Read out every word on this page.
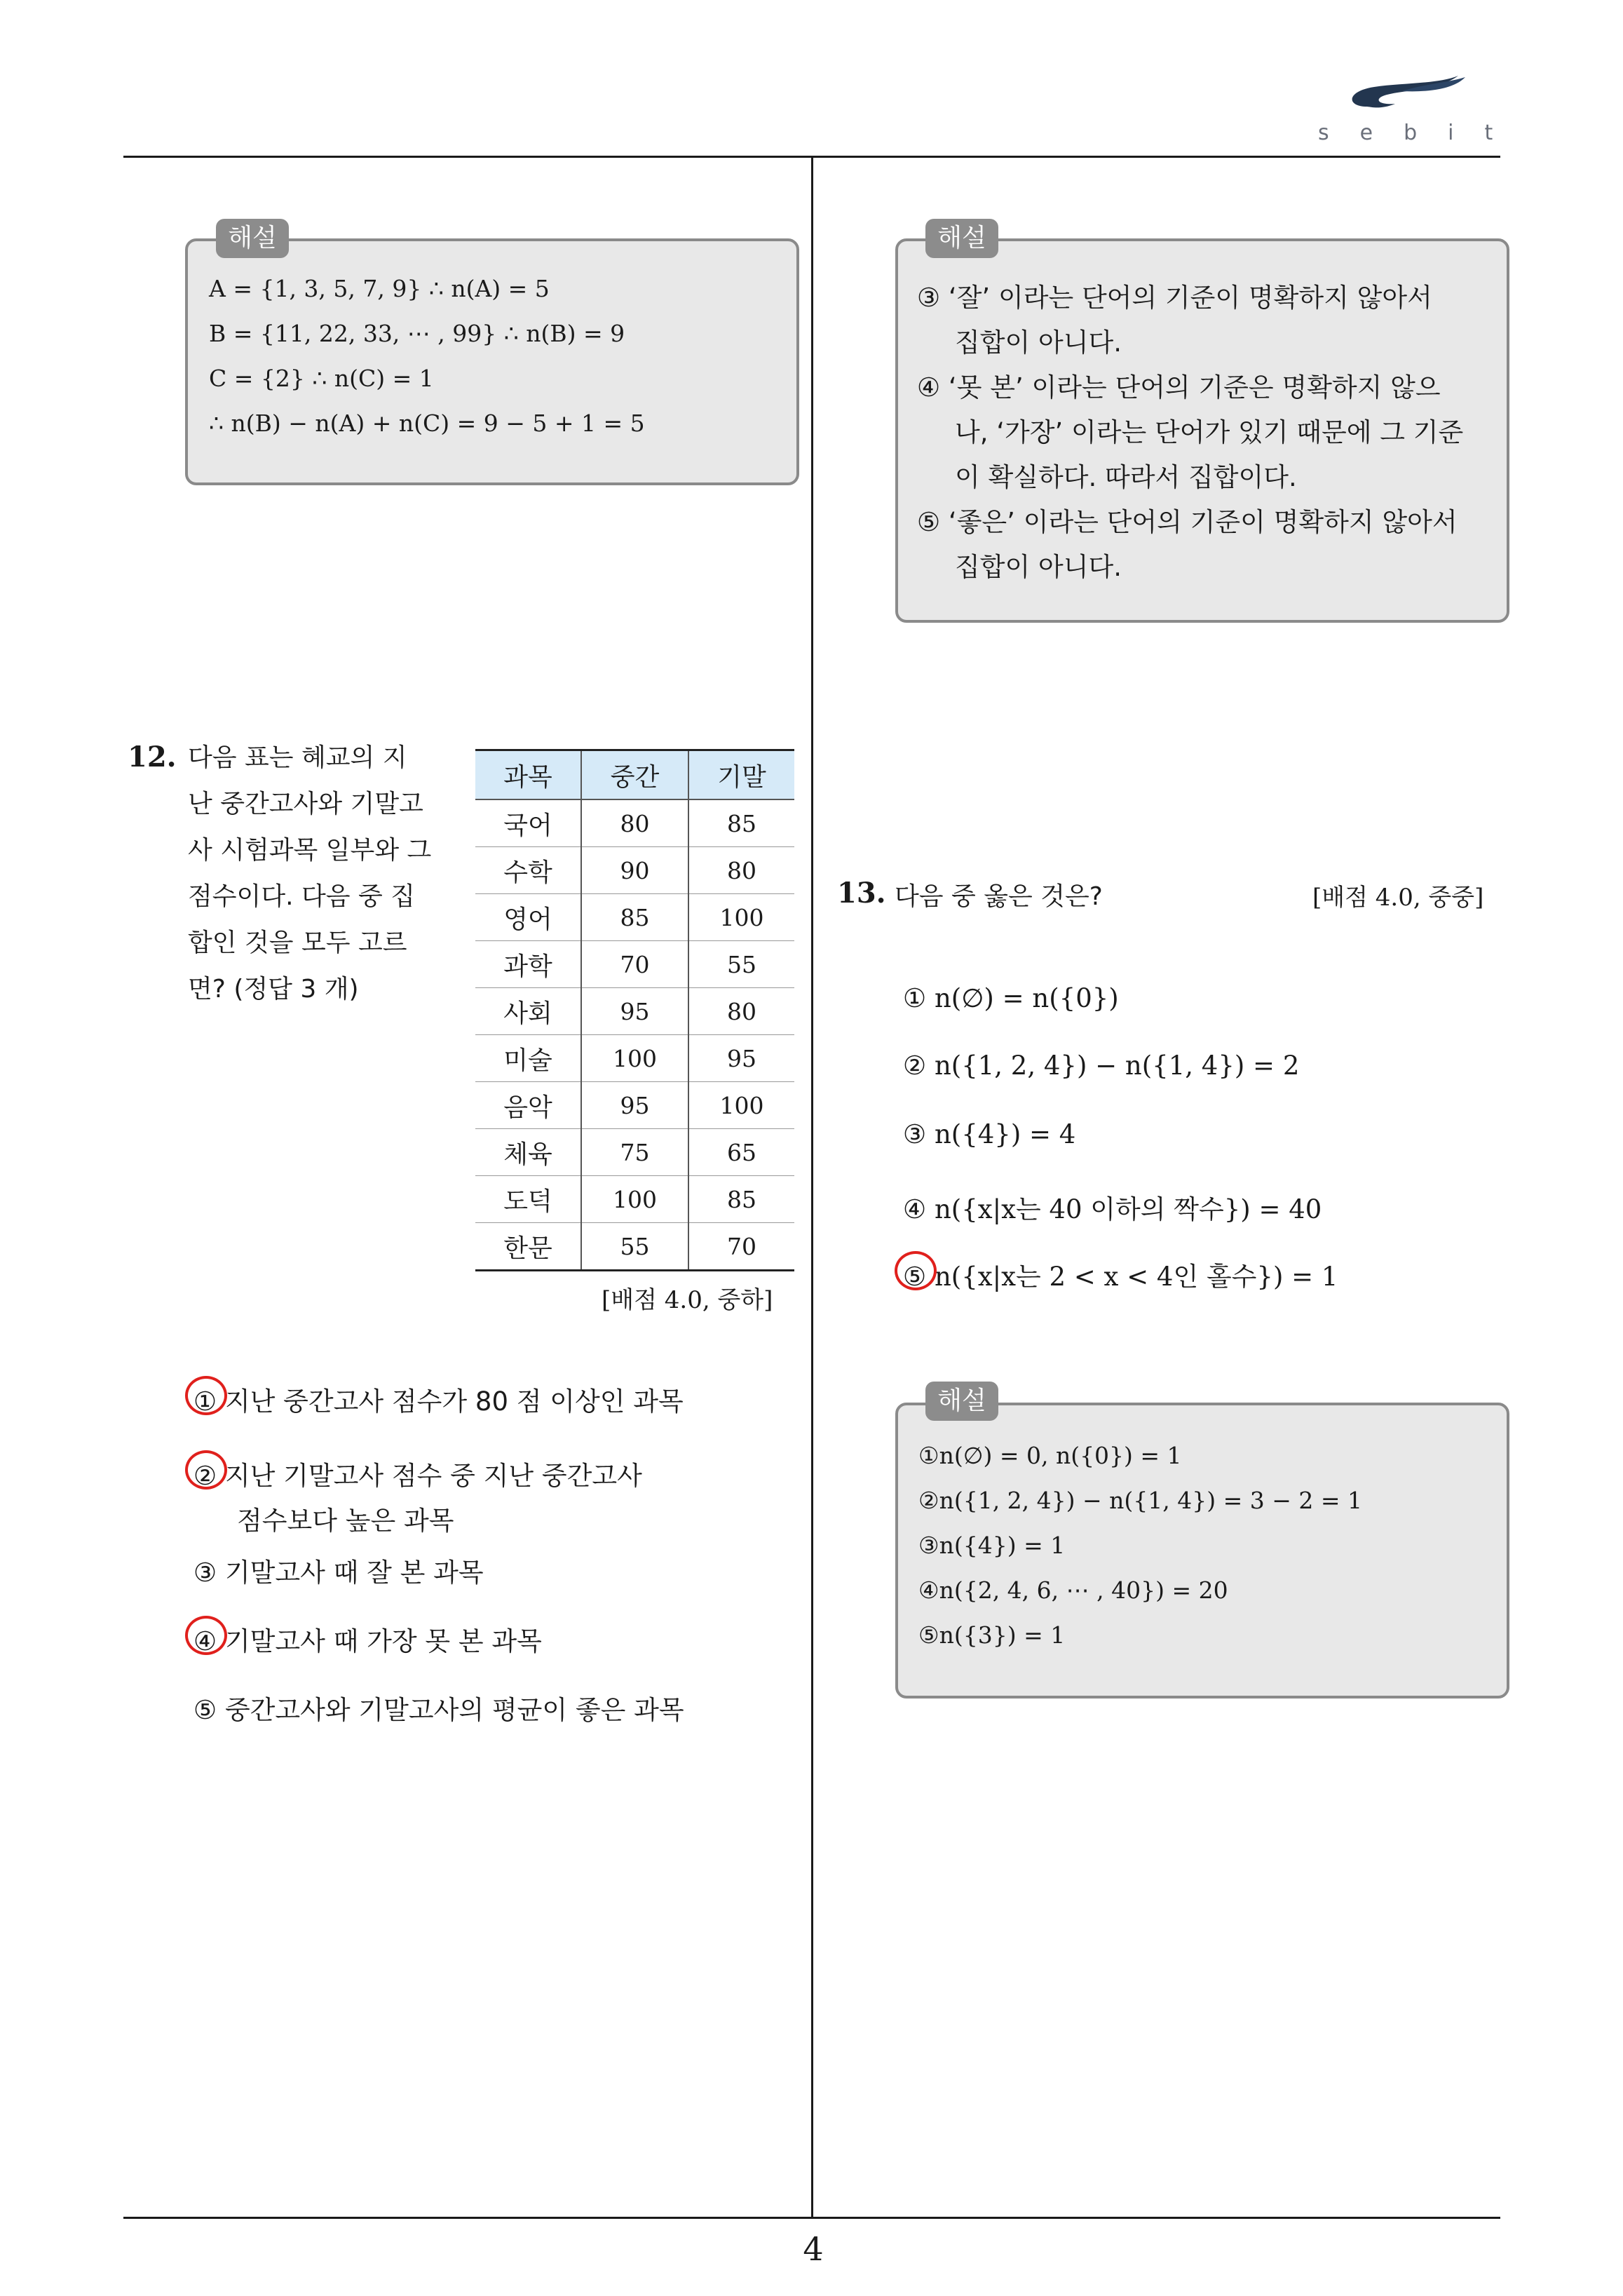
sebit
해설
A = {1, 3, 5, 7, 9} ∴ n(A) = 5
B = {11, 22, 33, ⋯ , 99} ∴ n(B) = 9
C = {2} ∴ n(C) = 1
∴ n(B) − n(A) + n(C) = 9 − 5 + 1 = 5
해설
③ ‘잘’ 이라는 단어의 기준이 명확하지 않아서
집합이 아니다.
④ ‘못 본’ 이라는 단어의 기준은 명확하지 않으
나, ‘가장’ 이라는 단어가 있기 때문에 그 기준
이 확실하다. 따라서 집합이다.
⑤ ‘좋은’ 이라는 단어의 기준이 명확하지 않아서
집합이 아니다.
12. 다음 표는 혜교의 지
난 중간고사와 기말고
사 시험과목 일부와 그
점수이다. 다음 중 집
합인 것을 모두 고르
면? (정답 3 개)
과목	중간	기말
국어	80	85
수학	90	80
영어	85	100
과학	70	55
사회	95	80
미술	100	95
음악	95	100
체육	75	65
도덕	100	85
한문	55	70
[배점 4.0, 중하]
① 지난 중간고사 점수가 80 점 이상인 과목
② 지난 기말고사 점수 중 지난 중간고사
점수보다 높은 과목
③ 기말고사 때 잘 본 과목
④ 기말고사 때 가장 못 본 과목
⑤ 중간고사와 기말고사의 평균이 좋은 과목
13. 다음 중 옳은 것은?	[배점 4.0, 중중]
① n(∅) = n({0})
② n({1, 2, 4}) − n({1, 4}) = 2
③ n({4}) = 4
④ n({x|x는 40 이하의 짝수}) = 40
⑤ n({x|x는 2 < x < 4인 홀수}) = 1
해설
①n(∅) = 0, n({0}) = 1
②n({1, 2, 4}) − n({1, 4}) = 3 − 2 = 1
③n({4}) = 1
④n({2, 4, 6, ⋯ , 40}) = 20
⑤n({3}) = 1
4
